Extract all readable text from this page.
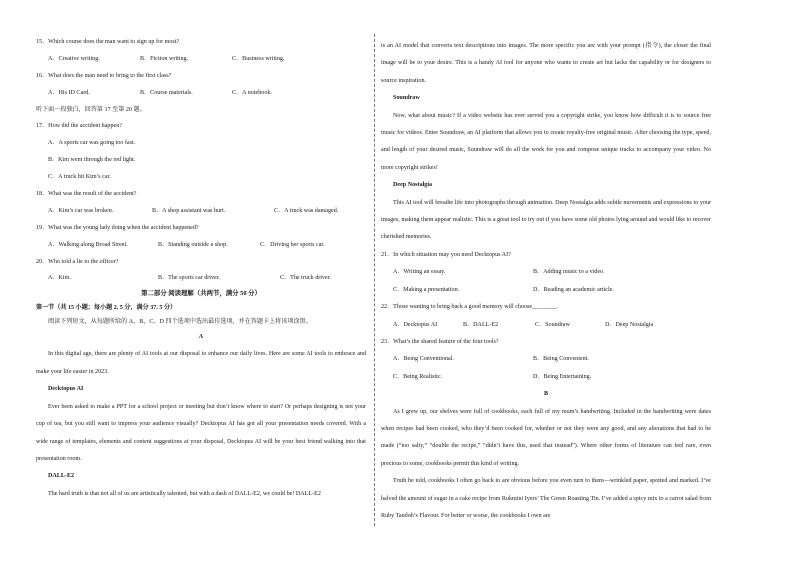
15．Which course does the man want to sign up for most?

A．Creative writing.	B．Fiction writing.	C．Business writing.

16．What does the man need to bring to the first class?

A．His ID Card.	B．Course materials.	C．A notebook.

听下面一段独白，回答第 17 至第 20 题。

17．How did the accident happen?

A．A sports car was going too fast.

B．Kim went through the red light.

C．A truck hit Kim’s car.

18．What was the result of the accident?

A．Kim’s car was broken.	B．A shop assistant was hurt.	C．A truck was damaged.

19．What was the young lady doing when the accident happened?

A．Walking along Broad Street.	B．Standing outside a shop.	C．Driving her sports car.

20．Who told a lie to the officer?

A．Kim.	B．The sports car driver.	C．The truck driver.

第二部分 阅读理解（共两节，满分 50 分）

第一节（共 15 小题；每小题 2. 5 分，满分 37. 5 分）

阅读下列短文，从每题所给的 A、B、C、D 四个选项中选出最佳选项，并在答题卡上将该项涂黑。

A

In this digital age, there are plenty of AI tools at our disposal to enhance our daily lives. Here are some AI tools to embrace and make your life easier in 2023.

Decktopus AI

Ever been asked to make a PPT for a school project or meeting but don’t know where to start? Or perhaps designing is not your cup of tea, but you still want to impress your audience visually? Decktopus AI has got all your presentation needs covered. With a wide range of templates, elements and content suggestions at your disposal, Decktopus AI will be your best friend walking into that presentation room.

DALL-E2

The hard truth is that not all of us are artistically talented, but with a dash of DALL-E2, we could be! DALL-E2

is an AI model that converts text descriptions into images. The more specific you are with your prompt (指令), the closer the final image will be to your desire. This is a handy AI tool for anyone who wants to create art but lacks the capability or for designers to source inspiration.

Soundraw

Now, what about music? If a video website has ever served you a copyright strike, you know how difficult it is to source free music for videos. Enter Soundraw, an AI platform that allows you to create royalty-free original music. After choosing the type, speed, and length of your desired music, Soundraw will do all the work for you and compose unique tracks to accompany your video. No more copyright strikes!

Deep Nostalgia

This AI tool will breathe life into photographs through animation. Deep Nostalgia adds subtle movements and expressions to your images, making them appear realistic. This is a great tool to try out if you have some old photos lying around and would like to recover cherished memories.

21．In which situation may you need Decktopus AI?

A．Writing an essay.	B．Adding music to a video.
C．Making a presentation.	D．Reading an academic article.

22．Those wanting to bring back a good memory will choose________.

A．Decktopus AI	B．DALL-E2	C．Soundraw	D．Deep Nostalgia

23．What’s the shared feature of the four tools?

A．Being Conventional.	B．Being Convenient.
C．Being Realistic.	D．Being Entertaining.

B

As I grew up, our shelves were full of cookbooks, each full of my mum’s handwriting. Included in the handwriting were dates when recipes had been cooked, who they’d been cooked for, whether or not they were any good, and any alterations that had to be made (“too salty,” “double the recipe,” “didn’t have this, used that instead”). Where other forms of literature can feel rare, even precious to some, cookbooks permit this kind of writing.

Truth be told, cookbooks I often go back to are obvious before you even turn to them—wrinkled paper, spotted and marked. I’ve halved the amount of sugar in a cake recipe from Rukmini Iyers’ The Green Roasting Tin. I’ve added a spicy mix to a carrot salad from Ruby Tandoh’s Flavour. For better or worse, the cookbooks I own are
